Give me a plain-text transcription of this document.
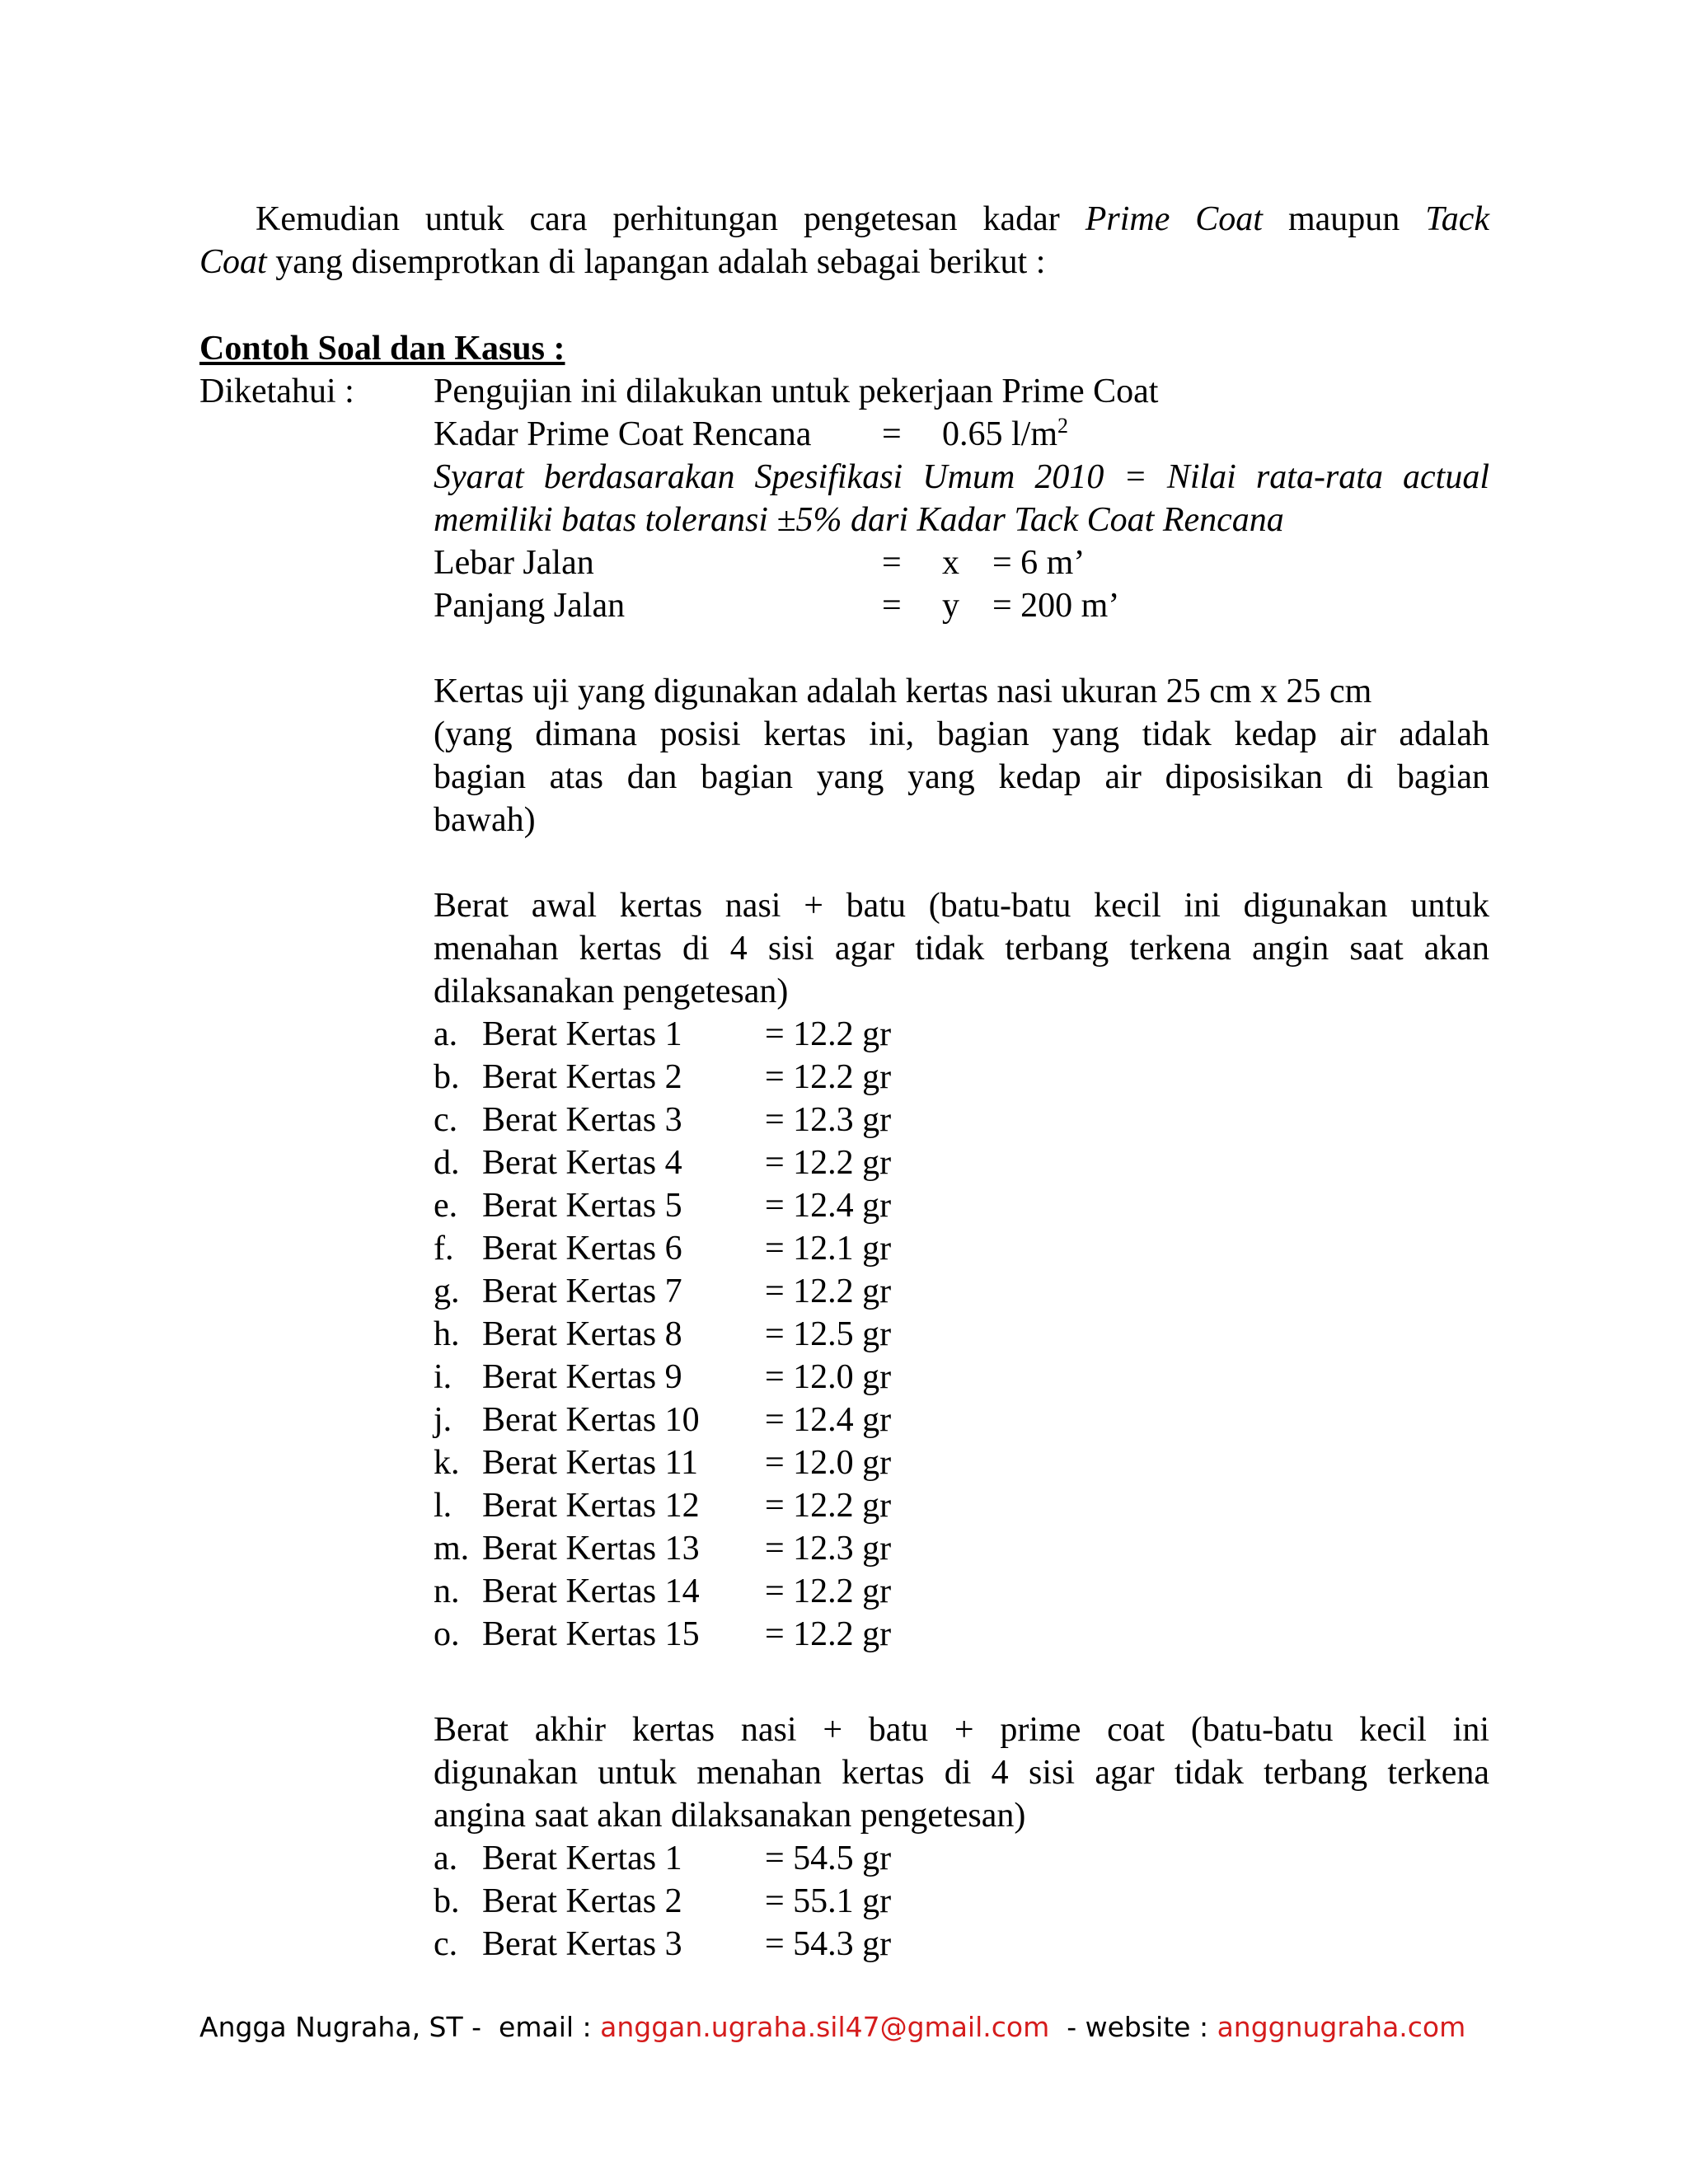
Kemudian untuk cara perhitungan pengetesan kadar Prime Coat maupun Tack
Coat yang disemprotkan di lapangan adalah sebagai berikut :
Contoh Soal dan Kasus :
Diketahui : Pengujian ini dilakukan untuk pekerjaan Prime Coat
Kadar Prime Coat Rencana = 0.65 $l/m^2$
Syarat berdasarakan Spesifikasi Umum 2010 = Nilai rata-rata actual
memiliki batas toleransi ±5% dari Kadar Tack Coat Rencana
Lebar Jalan	= x = 6 m’
Panjang Jalan	= y = 200 m’
Kertas uji yang digunakan adalah kertas nasi ukuran 25 cm x 25 cm
(yang dimana posisi kertas ini, bagian yang tidak kedap air adalah
bagian atas dan bagian yang yang kedap air diposisikan di bagian
bawah)
Berat awal kertas nasi + batu (batu-batu kecil ini digunakan untuk
menahan kertas di 4 sisi agar tidak terbang terkena angin saat akan
dilaksanakan pengetesan)
a. Berat Kertas 1 = 12.2 gr
b. Berat Kertas 2 = 12.2 gr
c. Berat Kertas 3 = 12.3 gr
d. Berat Kertas 4 = 12.2 gr
e. Berat Kertas 5 = 12.4 gr
f. Berat Kertas 6 = 12.1 gr
g. Berat Kertas 7 = 12.2 gr
h. Berat Kertas 8 = 12.5 gr
i. Berat Kertas 9 = 12.0 gr
j. Berat Kertas 10 = 12.4 gr
k. Berat Kertas 11 = 12.0 gr
l. Berat Kertas 12 = 12.2 gr
m. Berat Kertas 13 = 12.3 gr
n. Berat Kertas 14 = 12.2 gr
o. Berat Kertas 15 = 12.2 gr
Berat akhir kertas nasi + batu + prime coat (batu-batu kecil ini
digunakan untuk menahan kertas di 4 sisi agar tidak terbang terkena
angina saat akan dilaksanakan pengetesan)
a. Berat Kertas 1 = 54.5 gr
b. Berat Kertas 2 = 55.1 gr
c. Berat Kertas 3 = 54.3 gr
Angga Nugraha, ST -  email : anggan.ugraha.sil47@gmail.com  - website : anggnugraha.com
